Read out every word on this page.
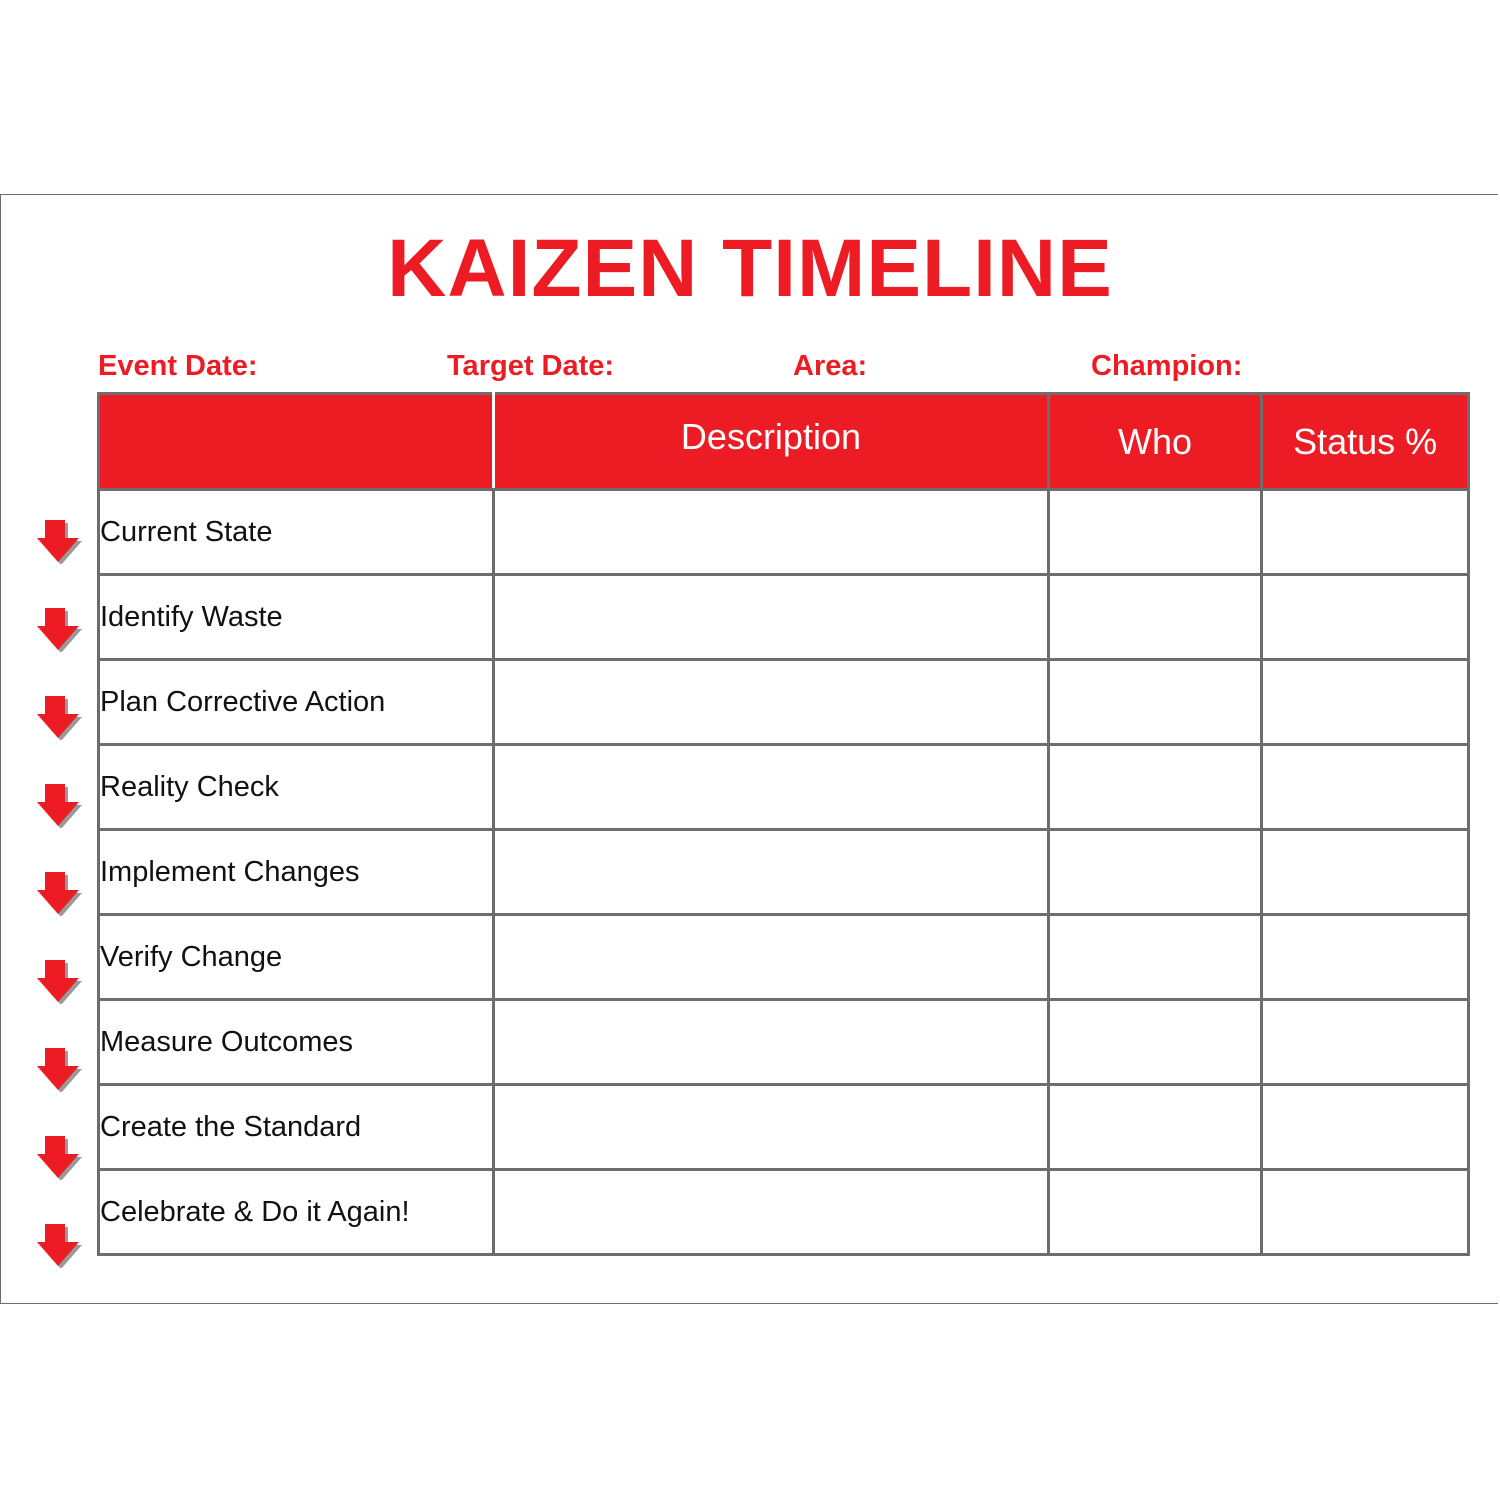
KAIZEN TIMELINE
Event Date:	Target Date:	Area:	Champion:
	Description	Who	Status %
Current State			
Identify Waste			
Plan Corrective Action			
Reality Check			
Implement Changes			
Verify Change			
Measure Outcomes			
Create the Standard			
Celebrate & Do it Again!			
